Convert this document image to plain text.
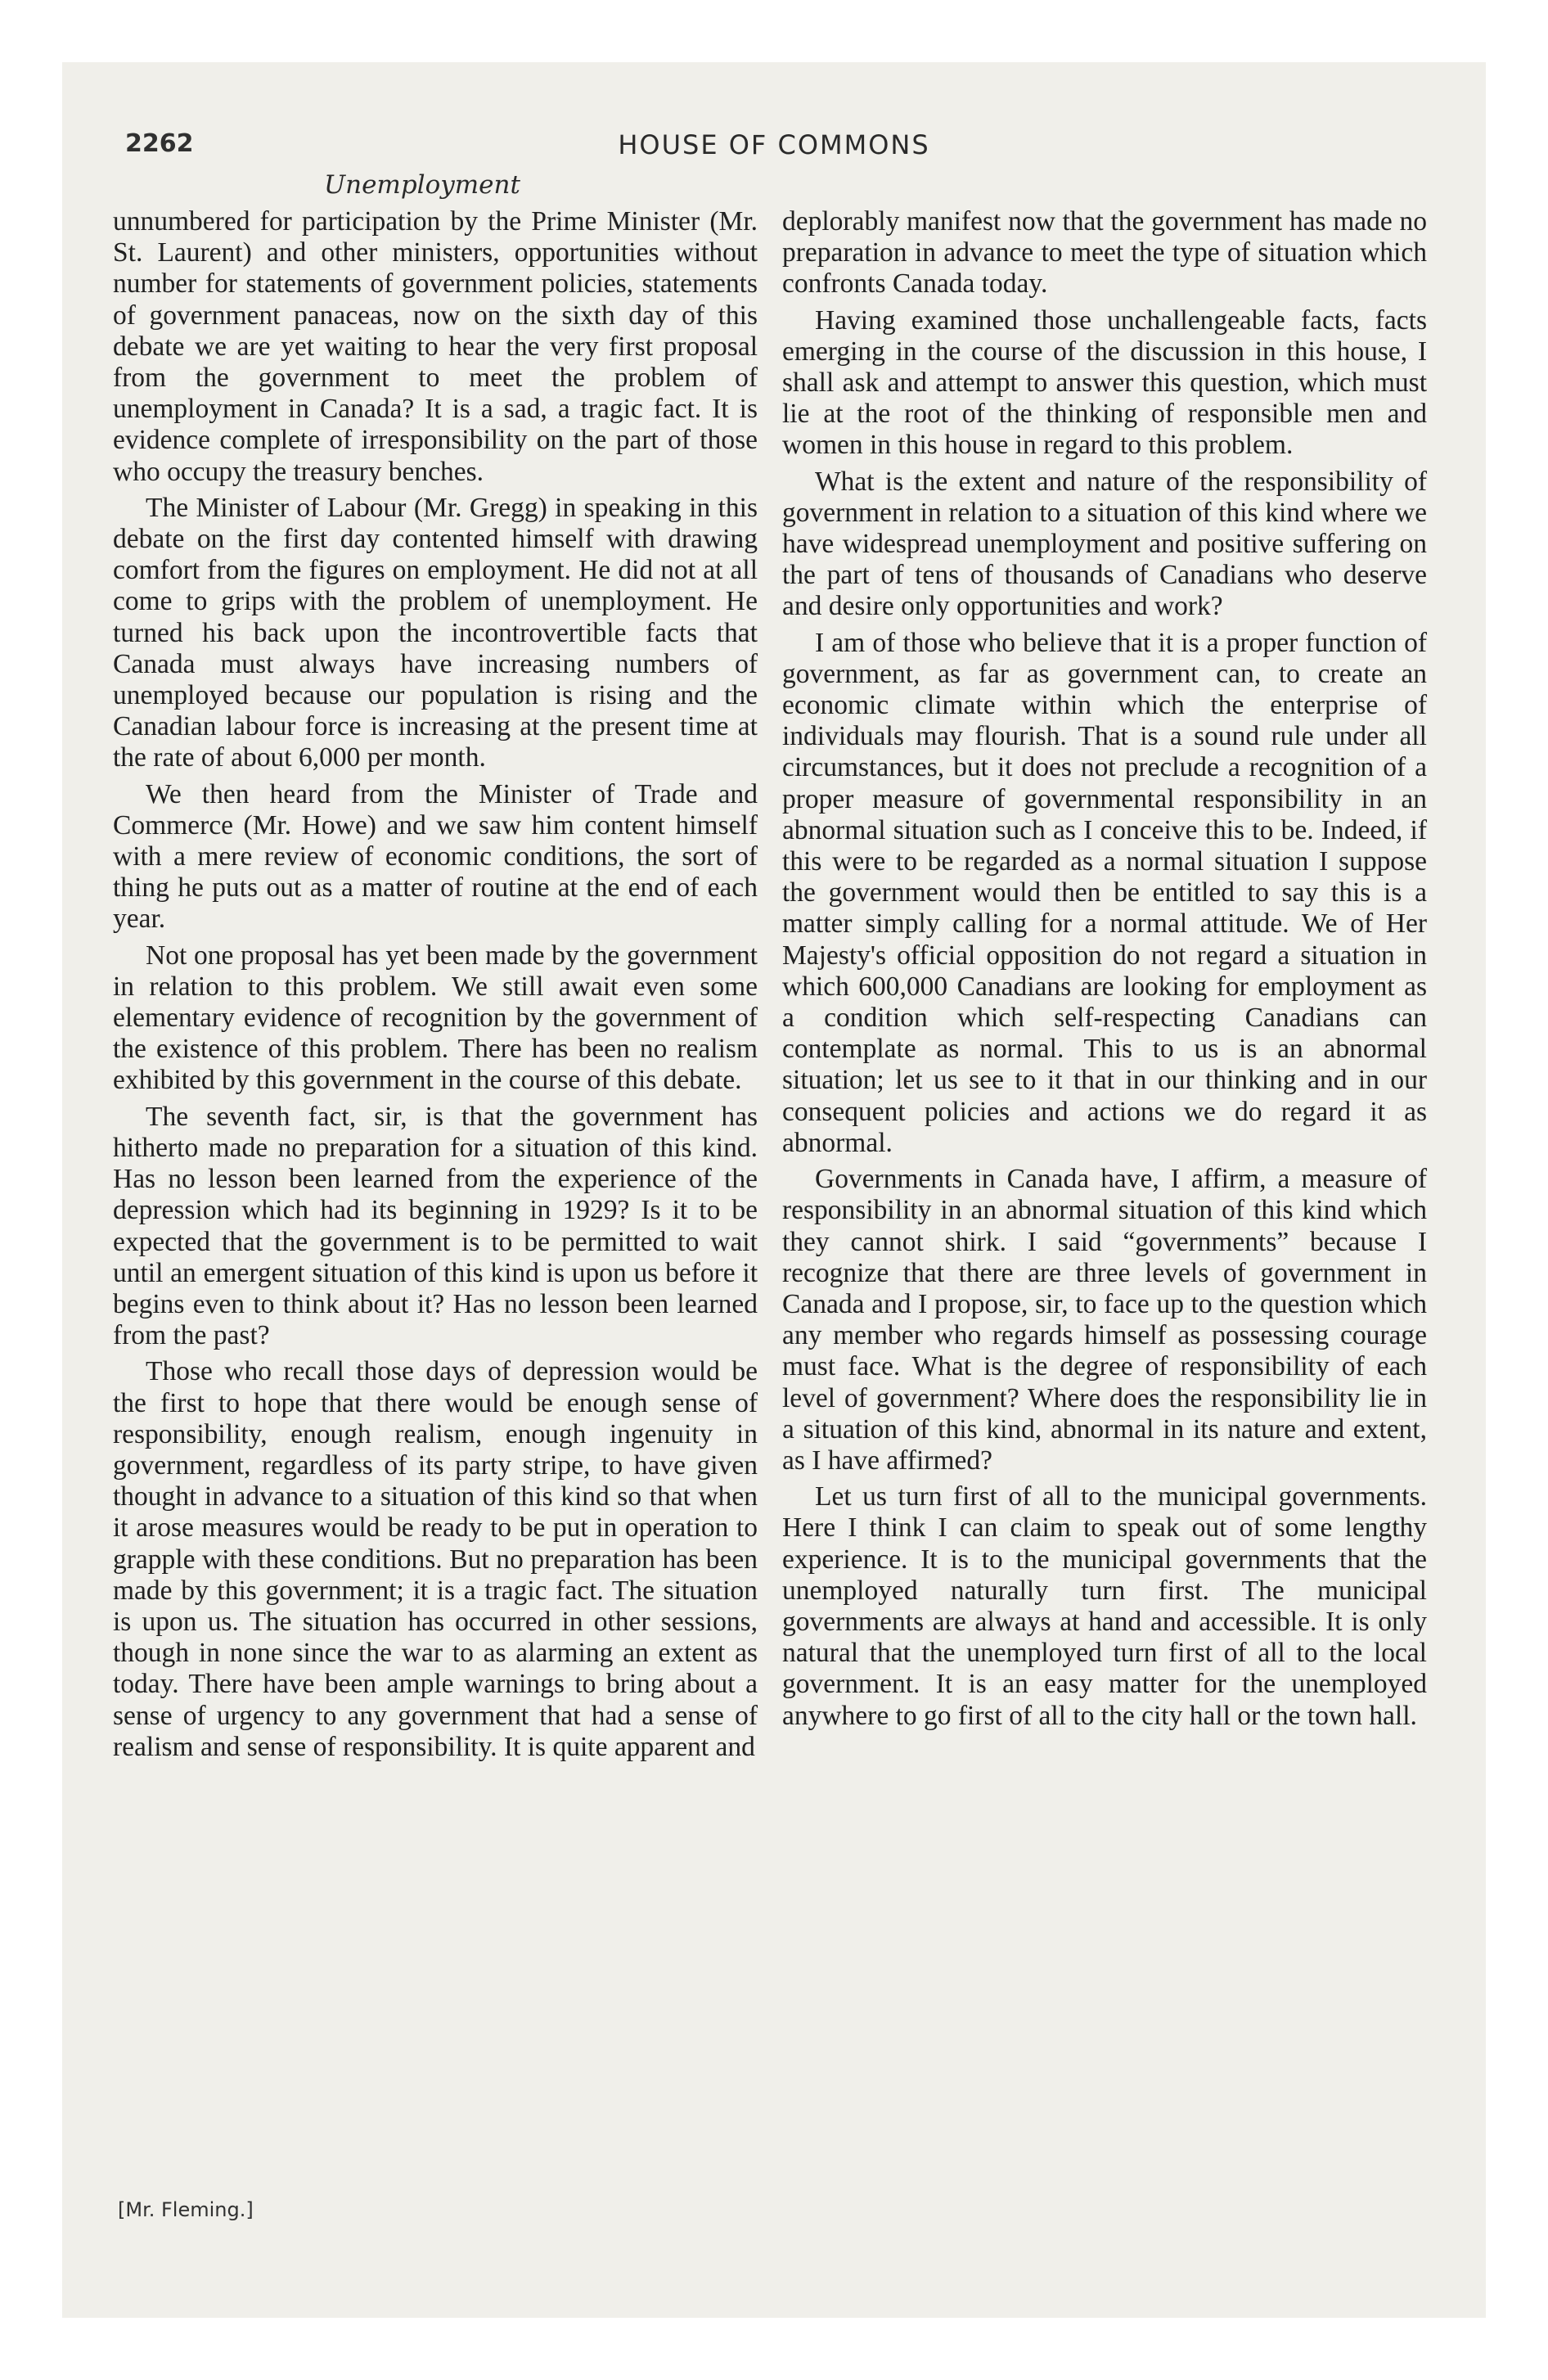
2262	HOUSE OF COMMONS
Unemployment

unnumbered for participation by the Prime Minister (Mr. St. Laurent) and other ministers, opportunities without number for statements of government policies, statements of government panaceas, now on the sixth day of this debate we are yet waiting to hear the very first proposal from the government to meet the problem of unemployment in Canada? It is a sad, a tragic fact. It is evidence complete of irresponsibility on the part of those who occupy the treasury benches.

The Minister of Labour (Mr. Gregg) in speaking in this debate on the first day contented himself with drawing comfort from the figures on employment. He did not at all come to grips with the problem of unemployment. He turned his back upon the incontrovertible facts that Canada must always have increasing numbers of unemployed because our population is rising and the Canadian labour force is increasing at the present time at the rate of about 6,000 per month.

We then heard from the Minister of Trade and Commerce (Mr. Howe) and we saw him content himself with a mere review of economic conditions, the sort of thing he puts out as a matter of routine at the end of each year.

Not one proposal has yet been made by the government in relation to this problem. We still await even some elementary evidence of recognition by the government of the existence of this problem. There has been no realism exhibited by this government in the course of this debate.

The seventh fact, sir, is that the government has hitherto made no preparation for a situation of this kind. Has no lesson been learned from the experience of the depression which had its beginning in 1929? Is it to be expected that the government is to be permitted to wait until an emergent situation of this kind is upon us before it begins even to think about it? Has no lesson been learned from the past?

Those who recall those days of depression would be the first to hope that there would be enough sense of responsibility, enough realism, enough ingenuity in government, regardless of its party stripe, to have given thought in advance to a situation of this kind so that when it arose measures would be ready to be put in operation to grapple with these conditions. But no preparation has been made by this government; it is a tragic fact. The situation is upon us. The situation has occurred in other sessions, though in none since the war to as alarming an extent as today. There have been ample warnings to bring about a sense of urgency to any government that had a sense of realism and sense of responsibility. It is quite apparent and

deplorably manifest now that the government has made no preparation in advance to meet the type of situation which confronts Canada today.

Having examined those unchallengeable facts, facts emerging in the course of the discussion in this house, I shall ask and attempt to answer this question, which must lie at the root of the thinking of responsible men and women in this house in regard to this problem.

What is the extent and nature of the responsibility of government in relation to a situation of this kind where we have widespread unemployment and positive suffering on the part of tens of thousands of Canadians who deserve and desire only opportunities and work?

I am of those who believe that it is a proper function of government, as far as government can, to create an economic climate within which the enterprise of individuals may flourish. That is a sound rule under all circumstances, but it does not preclude a recognition of a proper measure of governmental responsibility in an abnormal situation such as I conceive this to be. Indeed, if this were to be regarded as a normal situation I suppose the government would then be entitled to say this is a matter simply calling for a normal attitude. We of Her Majesty's official opposition do not regard a situation in which 600,000 Canadians are looking for employment as a condition which self-respecting Canadians can contemplate as normal. This to us is an abnormal situation; let us see to it that in our thinking and in our consequent policies and actions we do regard it as abnormal.

Governments in Canada have, I affirm, a measure of responsibility in an abnormal situation of this kind which they cannot shirk. I said “governments” because I recognize that there are three levels of government in Canada and I propose, sir, to face up to the question which any member who regards himself as possessing courage must face. What is the degree of responsibility of each level of government? Where does the responsibility lie in a situation of this kind, abnormal in its nature and extent, as I have affirmed?

Let us turn first of all to the municipal governments. Here I think I can claim to speak out of some lengthy experience. It is to the municipal governments that the unemployed naturally turn first. The municipal governments are always at hand and accessible. It is only natural that the unemployed turn first of all to the local government. It is an easy matter for the unemployed anywhere to go first of all to the city hall or the town hall.

[Mr. Fleming.]
